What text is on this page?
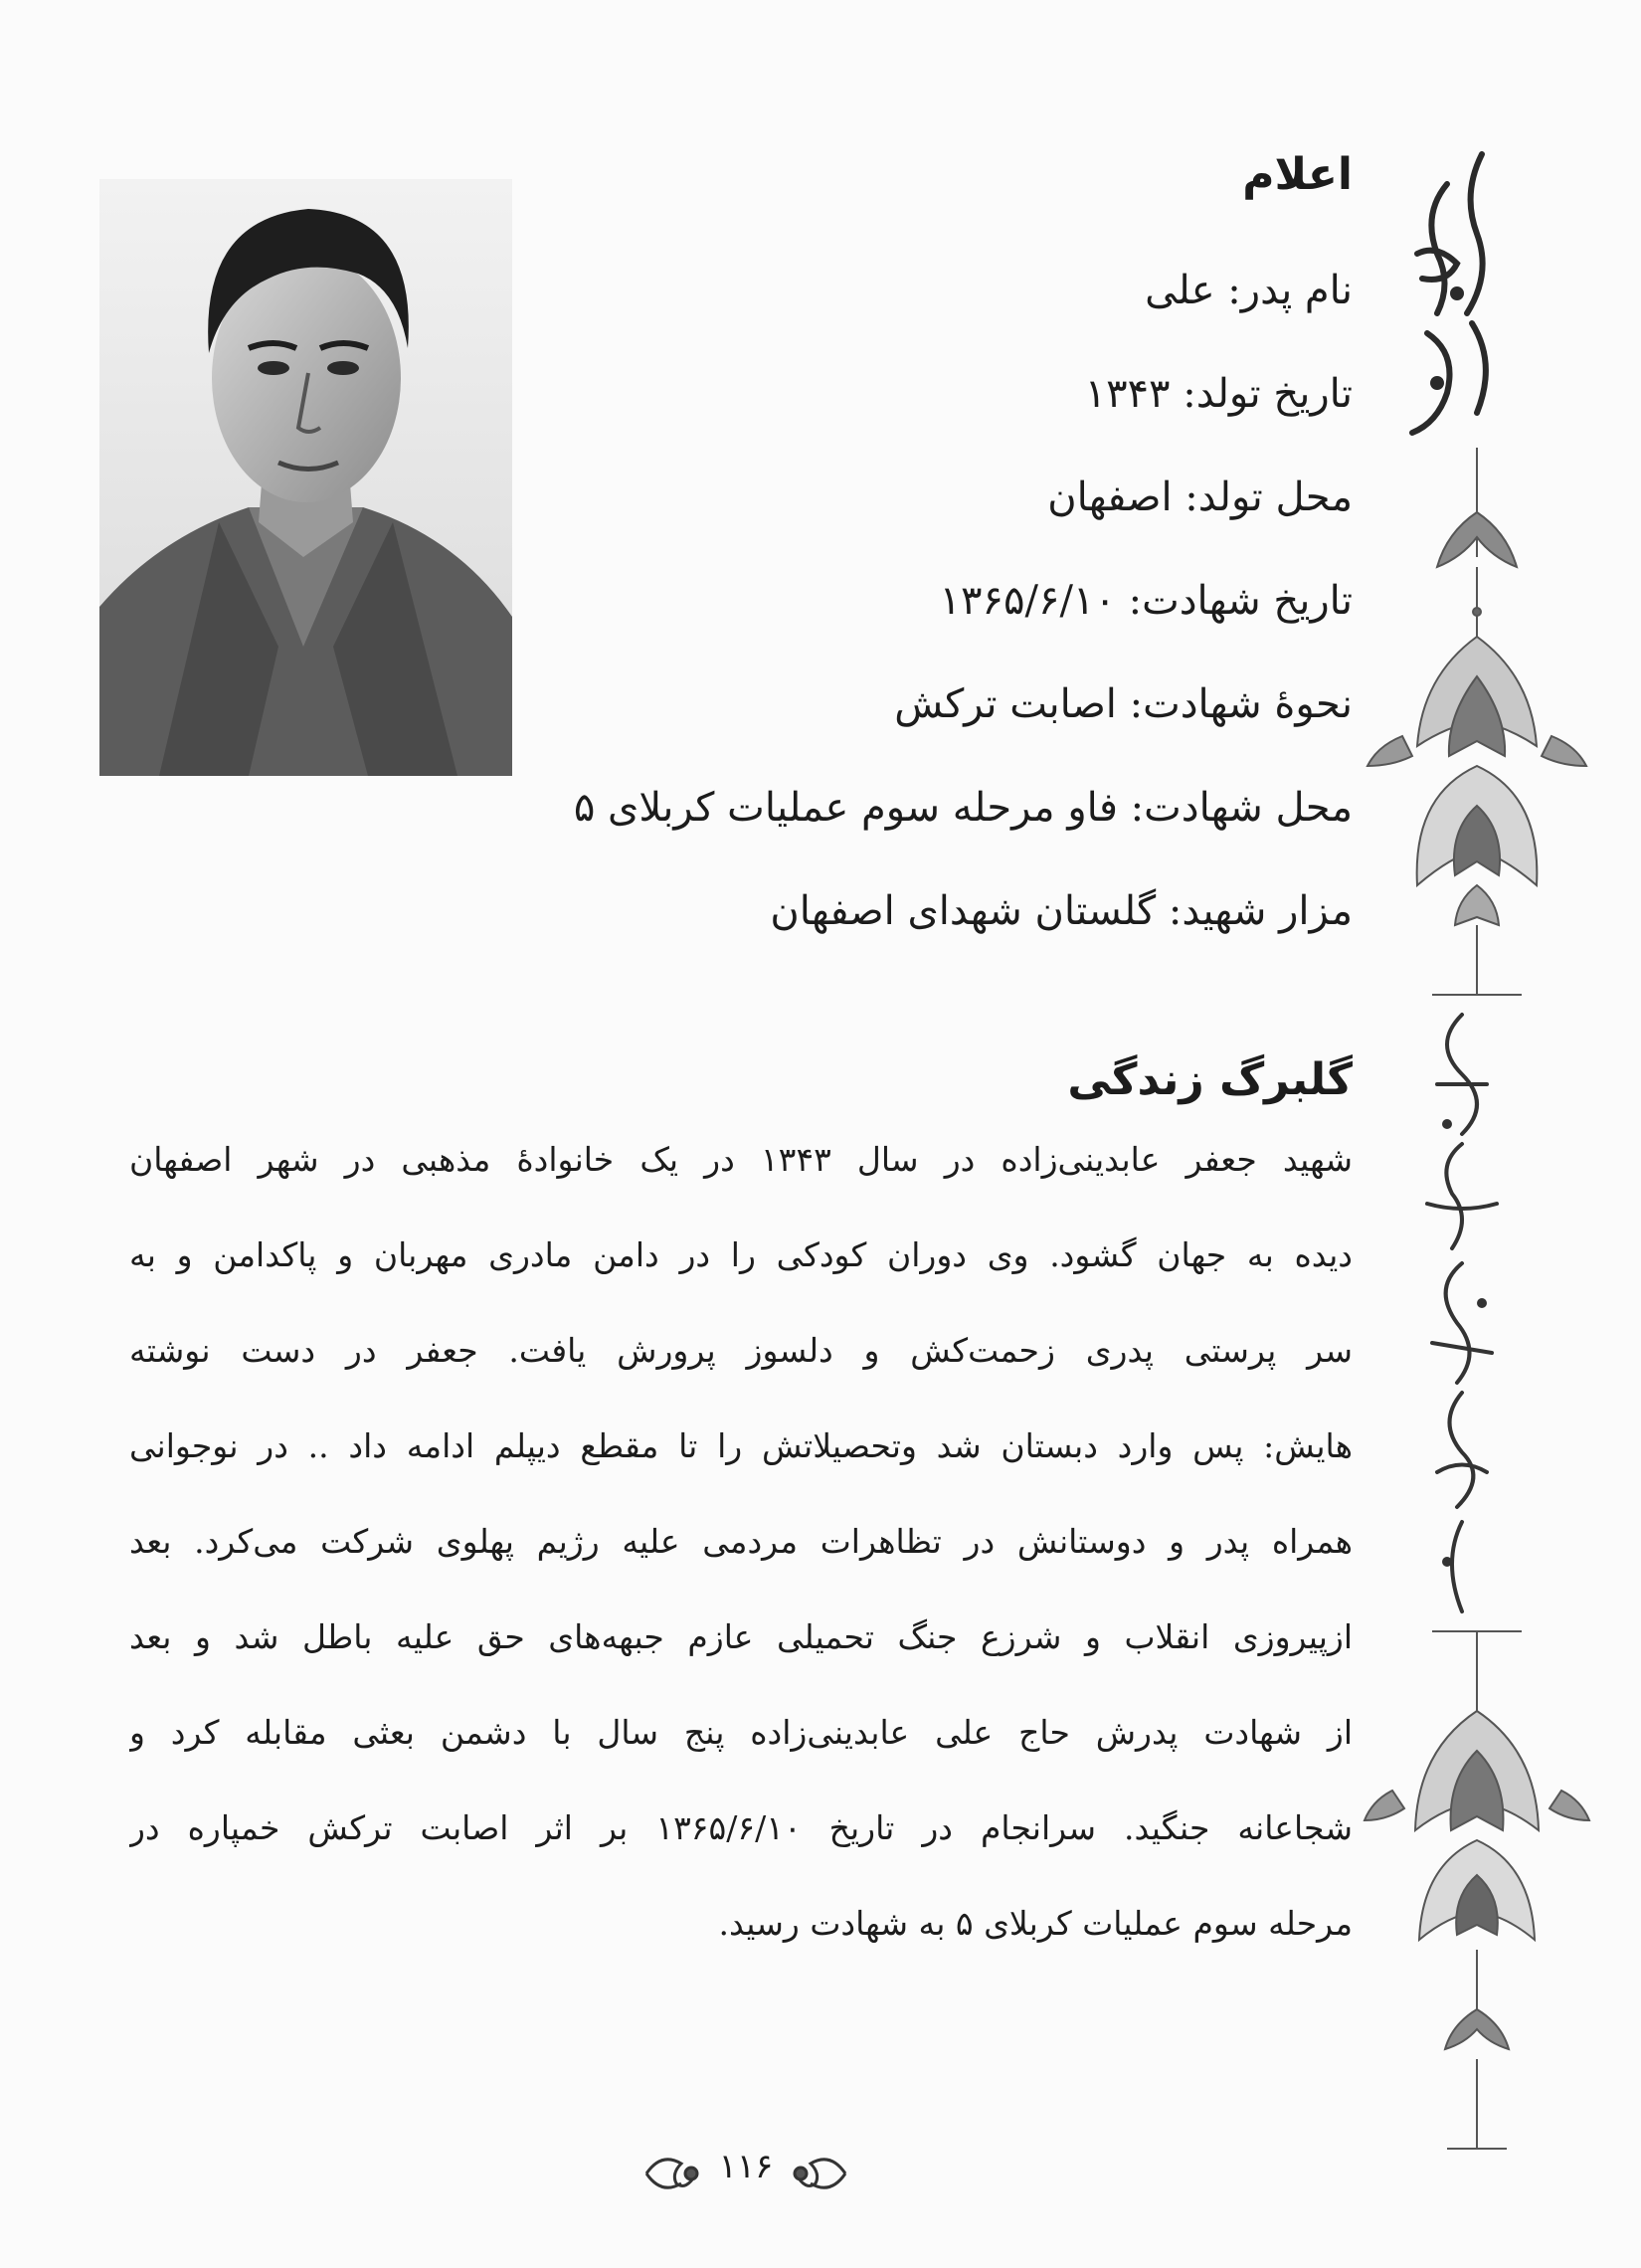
اعلام
نام پدر: علی
تاریخ تولد: ۱۳۴۳
محل تولد: اصفهان
تاریخ شهادت: ۱۳۶۵/۶/۱۰
نحوهٔ شهادت: اصابت ترکش
محل شهادت: فاو مرحله سوم عملیات کربلای ۵
مزار شهید: گلستان شهدای اصفهان
گلبرگ زندگی
شهید جعفر عابدینی‌زاده در سال ۱۳۴۳ در یک خانوادهٔ مذهبی در شهر اصفهان
دیده به جهان گشود. وی دوران کودکی را در دامن مادری مهربان و پاکدامن و به
سر پرستی پدری زحمت‌کش و دلسوز پرورش یافت. جعفر در دست نوشته
هایش: پس وارد دبستان شد وتحصیلاتش را تا مقطع دیپلم ادامه داد .. در نوجوانی
همراه پدر و دوستانش در تظاهرات مردمی علیه رژیم پهلوی شرکت می‌کرد. بعد
ازپیروزی انقلاب و شرزع جنگ تحمیلی عازم جبهه‌های حق علیه باطل شد و بعد
از شهادت پدرش حاج علی عابدینی‌زاده پنج سال با دشمن بعثی مقابله کرد و
شجاعانه جنگید. سرانجام در تاریخ ۱۳۶۵/۶/۱۰ بر اثر اصابت ترکش خمپاره در
مرحله سوم عملیات کربلای ۵ به شهادت رسید.
۱۱۶
